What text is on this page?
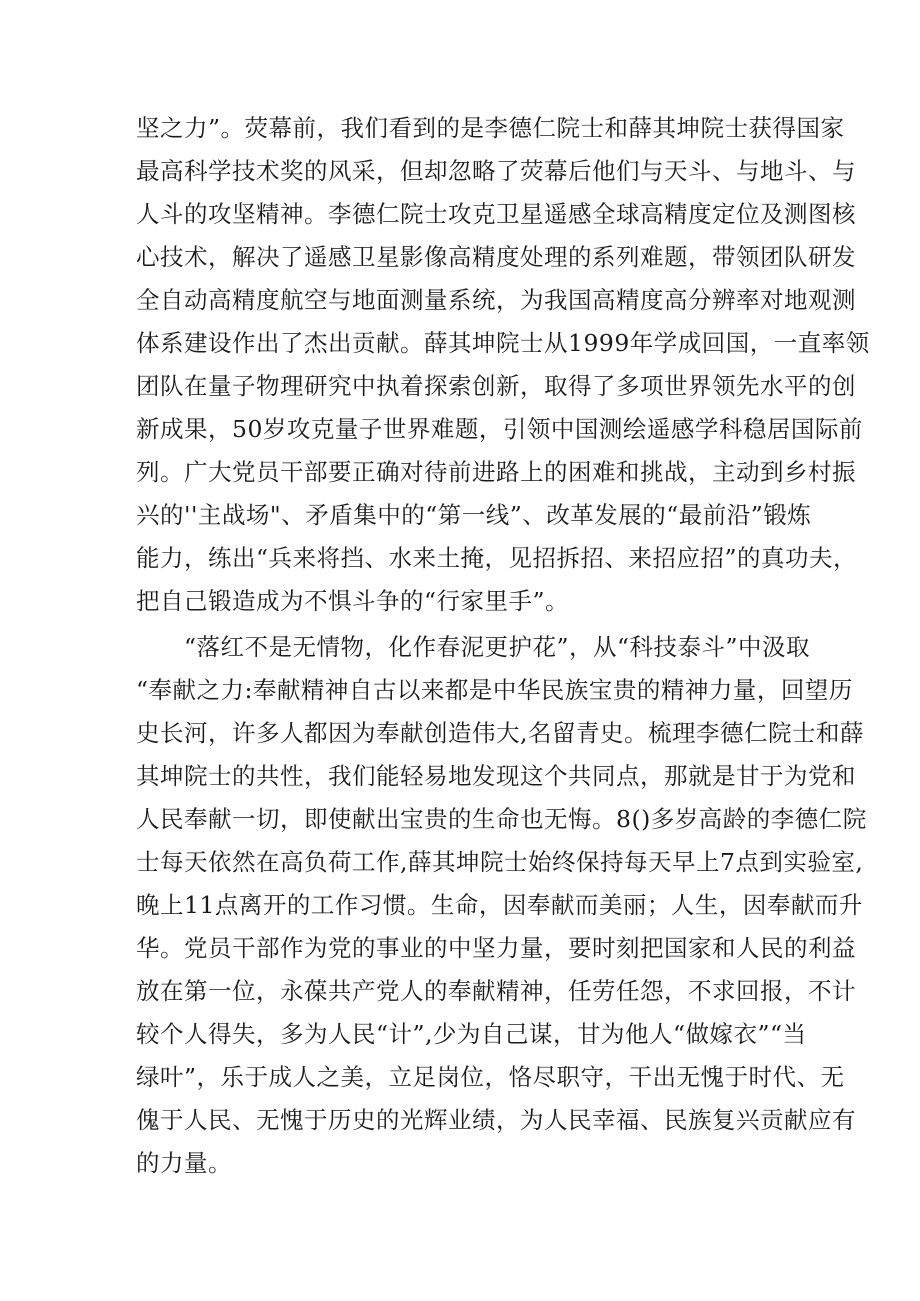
坚之力”。荧幕前，我们看到的是李德仁院士和薛其坤院士获得国家
最高科学技术奖的风采，但却忽略了荧幕后他们与天斗、与地斗、与
人斗的攻坚精神。李德仁院士攻克卫星遥感全球高精度定位及测图核
心技术，解决了遥感卫星影像高精度处理的系列难题，带领团队研发
全自动高精度航空与地面测量系统，为我国高精度高分辨率对地观测
体系建设作出了杰出贡献。薛其坤院士从1999年学成回国，一直率领
团队在量子物理研究中执着探索创新，取得了多项世界领先水平的创
新成果，50岁攻克量子世界难题，引领中国测绘遥感学科稳居国际前
列。广大党员干部要正确对待前进路上的困难和挑战，主动到乡村振
兴的''主战场"、矛盾集中的“第一线”、改革发展的“最前沿”锻炼
能力，练出“兵来将挡、水来土掩，见招拆招、来招应招”的真功夫，
把自己锻造成为不惧斗争的“行家里手”。
“落红不是无情物，化作春泥更护花”，从“科技泰斗”中汲取
“奉献之力:奉献精神自古以来都是中华民族宝贵的精神力量，回望历
史长河，许多人都因为奉献创造伟大,名留青史。梳理李德仁院士和薛
其坤院士的共性，我们能轻易地发现这个共同点，那就是甘于为党和
人民奉献一切，即使献出宝贵的生命也无悔。8()多岁高龄的李德仁院
士每天依然在高负荷工作,薛其坤院士始终保持每天早上7点到实验室,
晚上11点离开的工作习惯。生命，因奉献而美丽；人生，因奉献而升
华。党员干部作为党的事业的中坚力量，要时刻把国家和人民的利益
放在第一位，永葆共产党人的奉献精神，任劳任怨，不求回报，不计
较个人得失，多为人民“计”,少为自己谋，甘为他人“做嫁衣”“当
绿叶”，乐于成人之美，立足岗位，恪尽职守，干出无愧于时代、无
傀于人民、无愧于历史的光辉业绩，为人民幸福、民族复兴贡献应有
的力量。
